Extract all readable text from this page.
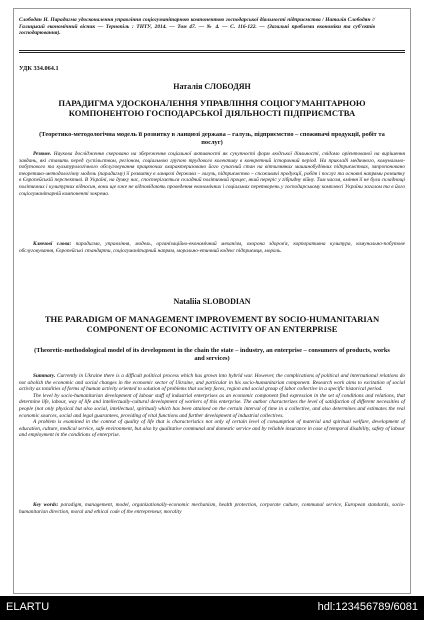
Слободян Н. Парадигма удосконалення управління соціогуманітарною компонентою господарської діяльності підприємства / Наталія Слободян // Галицький економічний вісник — Тернопіль : ТНТУ, 2014. — Том 47. — № 4. — С. 116-122. — (Загальні проблеми економіки та суб'єктів господарювання).
УДК 334.064.1
Наталія СЛОБОДЯН
ПАРАДИГМА УДОСКОНАЛЕННЯ УПРАВЛІННЯ СОЦІОГУМАНІТАРНОЮ КОМПОНЕНТОЮ ГОСПОДАРСЬКОЇ ДІЯЛЬНОСТІ ПІДПРИЄМСТВА
(Теоретико-методологічна модель її розвитку в ланцюзі держава – галузь, підприємство – споживачі продукції, робіт та послуг)

Резюме. Наукова дослідження скеровано на збереження соціальної активності як сукупності форм людської діяльності, свідомо орієнтованої на вирішення завдань, які ставить перед суспільством, регіоном, соціальною групою трудового колективу в конкретний історичний період. На прикладі медичного, комунально-побутового та культурологічного обслуговування працюючих охарактеризовано його сучасний стан на вітчизняних машинобудівних підприємствах, запропоновано теоретико-методологічну модель (парадигму) її розвитку в ланцюзі держава – галузь, підприємство – споживачі продукції, робіт і послуг та основні напрями розвитку в Європейській перспективі. В Україні, на думку нас, спостерігається складний політичний процес, який переріс у гібридну війну. Тим часом, вміння її не були складнощі політичних і культурних відносин, вони ще вже не відповідають проведення економічних і соціальних перетворень у господарському комплексі України загалом та в його соціогуманітарній компоненті зокрема.

Ключові слова: парадигма, управління, модель, організаційно-економічний механізм, охорона здоров'я, корпоративна культура, комунально-побутове обслуговування, Європейські стандарти, соціогуманітарний напрям, морально-етичний кодекс підприємця, мораль.
Nataliia SLOBODIAN
THE PARADIGM OF MANAGEMENT IMPROVEMENT BY SOCIO-HUMANITARIAN COMPONENT OF ECONOMIC ACTIVITY OF AN ENTERPRISE
(Theoretic-methodological model of its development in the chain the state – industry, an enterprise – consumers of products, works and services)

Summary. Currently in Ukraine there is a difficult political process which has grown into hybrid war. However, the complications of political and international relations do not abolish the economic and social changes in the economic sector of Ukraine, and particular in his socio-humanitarian component. Research work aims to excitation of social activity as totalities of forms of human activity oriented to solution of problems that society faces, region and social group of labor collective in a specific historical period.

The level by socio-humanitarian development of labour staff of industrial enterprises as an economic component find expression in the set of conditions and relations, that determine life, labour, way of life and intellectually-cultural development of workers of this enterprise. The author characterizes the level of satisfaction of different necessities of people (not only physical but also social, intellectual, spiritual) which has been attained on the certain interval of time in a collective, and also determines and estimates the real economic sources, social and legal guarantees, providing of vital functions and further development of industrial collectives.

A problem is examined in the context of quality of life that is characteristics not only of certain level of consumption of material and spiritual welfare, development of education, culture, medical service, safe environment, but also by qualitative communal and domestic service and by reliable insurance in case of temporal disability, safety of labour and employment in the conditions of enterprise.

Key words: paradigm, management, model, organizationally-economic mechanism, health protection, corporate culture, communal service, European standards, socio-humanitarian direction, moral and ethical code of the entrepreneur, morality
ELARTU	hdl:123456789/6081
